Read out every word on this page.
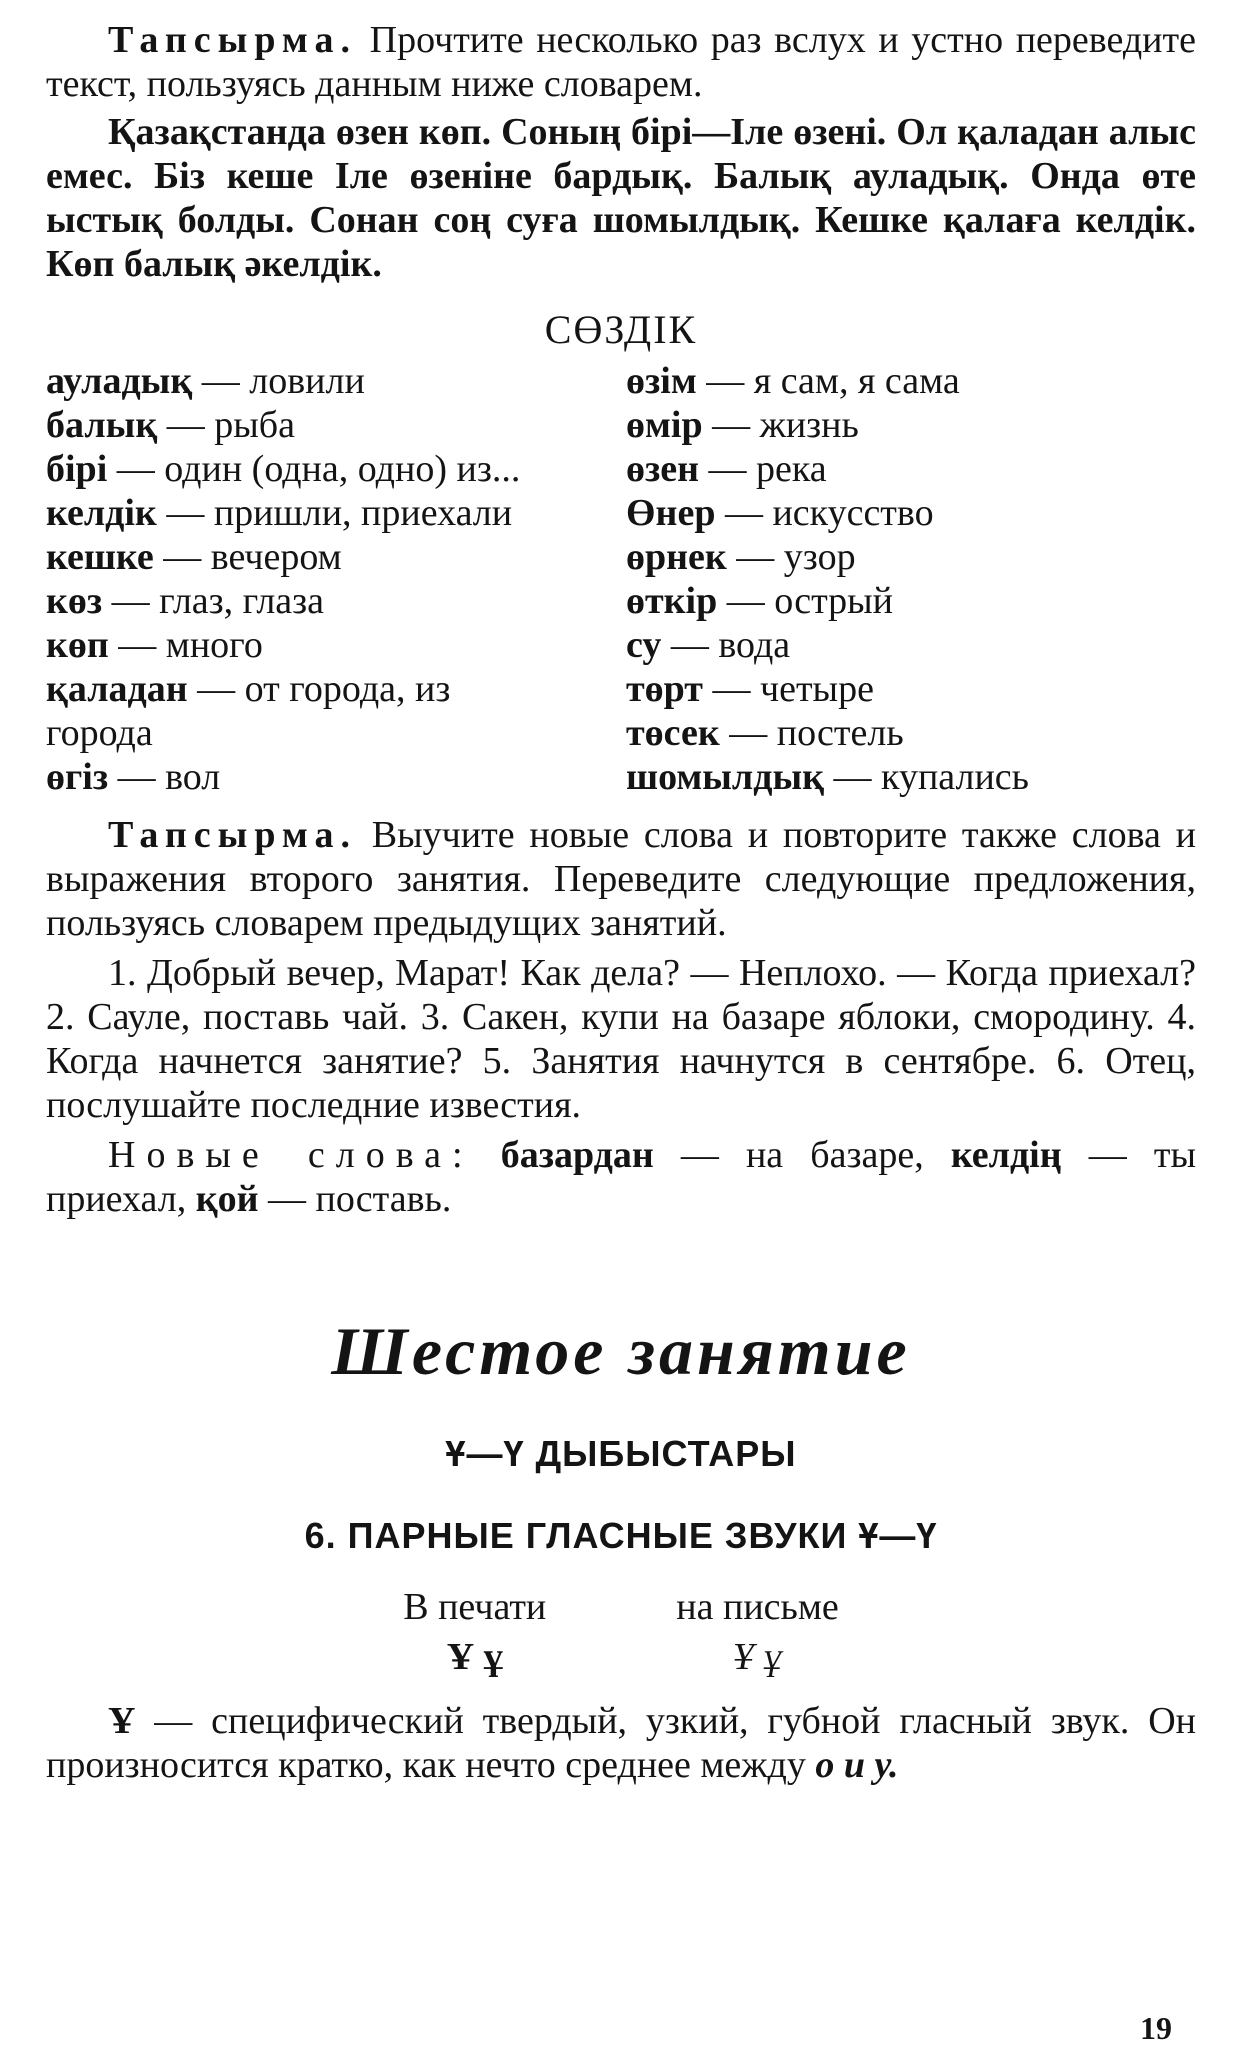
Тапсырма. Прочтите несколько раз вслух и устно переведите текст, пользуясь данным ниже словарем.

Қазақстанда өзен көп. Соның бірі—Іле өзені. Ол қаладан алыс емес. Біз кеше Іле өзеніне бардық. Балық ауладық. Онда өте ыстық болды. Сонан соң суға шомылдық. Кешке қалаға келдік. Көп балық әкелдік.

СӨЗДІК
ауладық — ловили
балық — рыба
бірі — один (одна, одно) из...
келдік — пришли, приехали
кешке — вечером
көз — глаз, глаза
көп — много
қаладан — от города, из города
өгіз — вол
өзім — я сам, я сама
өмір — жизнь
өзен — река
Өнер — искусство
өрнек — узор
өткір — острый
су — вода
төрт — четыре
төсек — постель
шомылдық — купались

Тапсырма. Выучите новые слова и повторите также слова и выражения второго занятия. Переведите следующие предложения, пользуясь словарем предыдущих занятий.

1. Добрый вечер, Марат! Как дела? — Неплохо. — Когда приехал? 2. Сауле, поставь чай. 3. Сакен, купи на базаре яблоки, смородину. 4. Когда начнется занятие? 5. Занятия начнутся в сентябре. 6. Отец, послушайте последние известия.

Новые слова: базардан — на базаре, келдің — ты приехал, қой — поставь.

Шестое занятие
Ұ—Ү ДЫБЫСТАРЫ
6. ПАРНЫЕ ГЛАСНЫЕ ЗВУКИ Ұ—Ү
В печати
Ұ ұ
на письме
Ұ ұ

Ұ — специфический твердый, узкий, губной гласный звук. Он произносится кратко, как нечто среднее между о и у.

19
